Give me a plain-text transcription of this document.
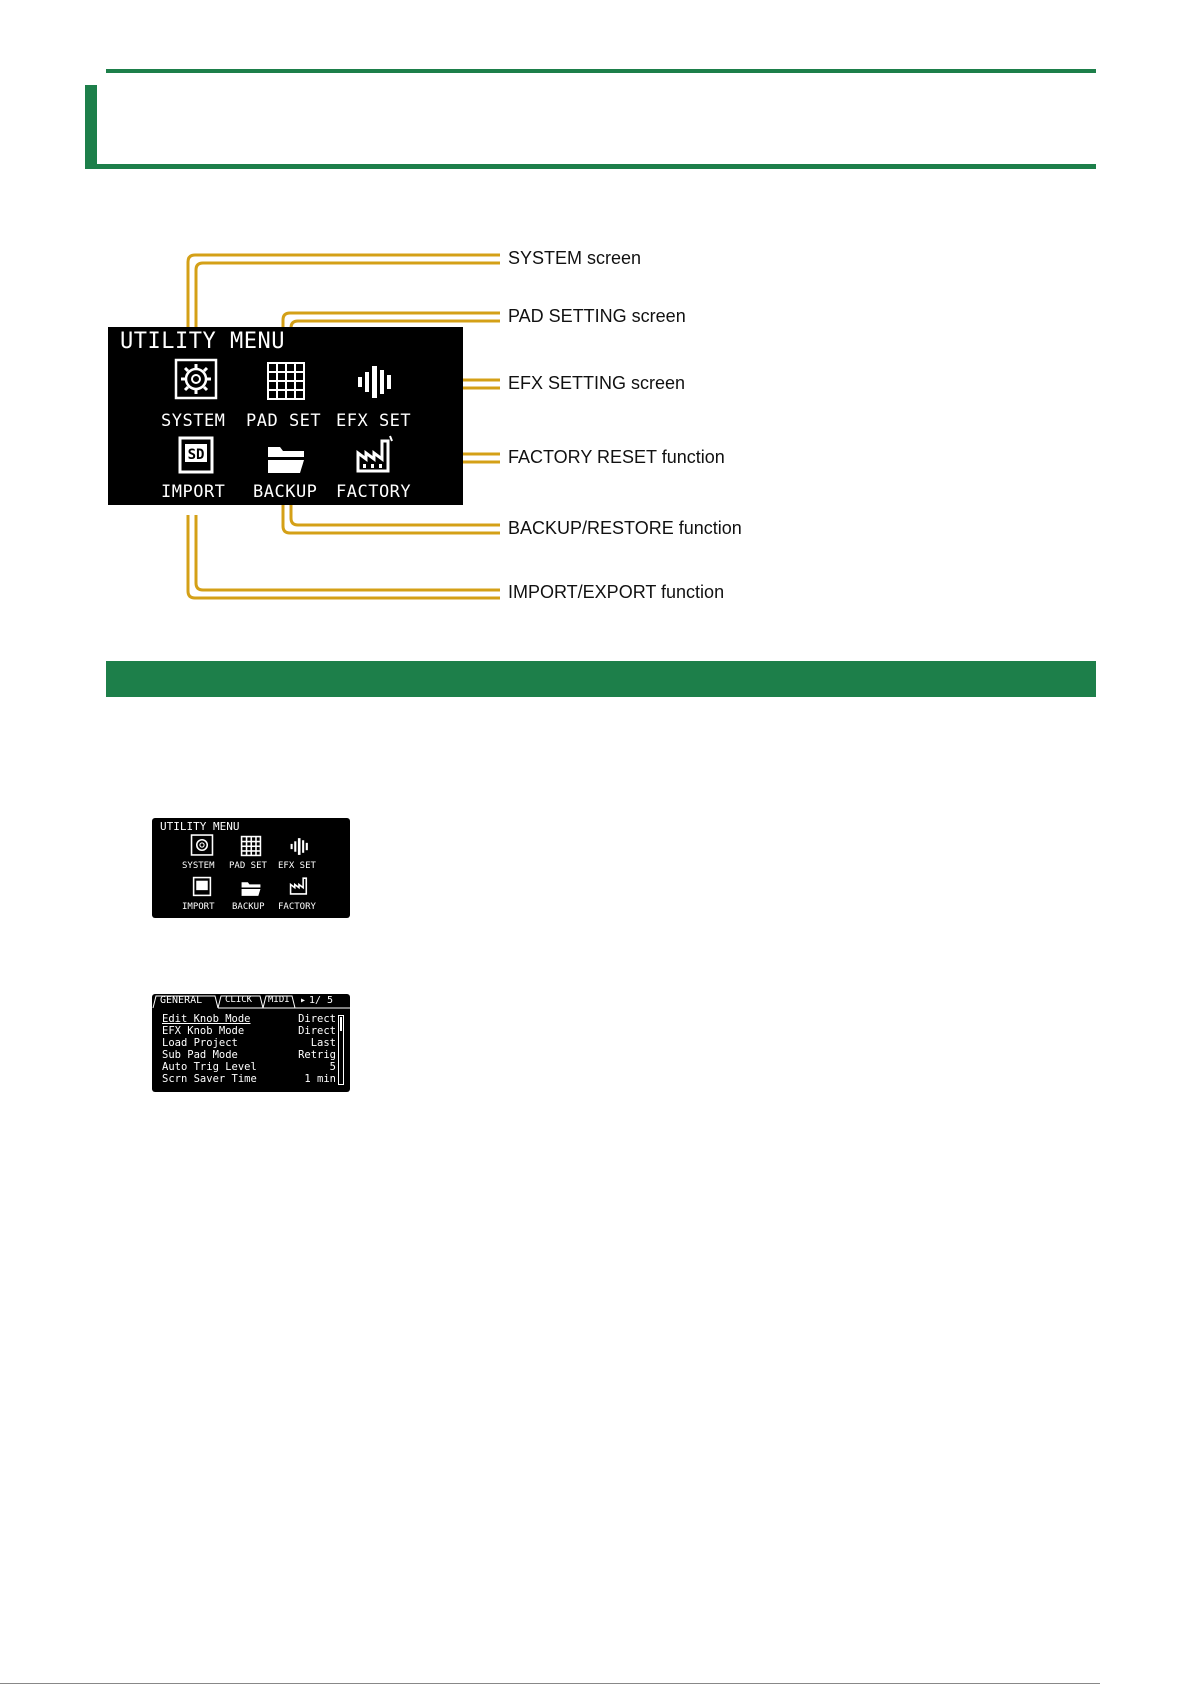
UTILITY MENU
SYSTEM PAD SET EFX SET
SD
IMPORT BACKUP FACTORY
SYSTEM screen
PAD SETTING screen
EFX SETTING screen
FACTORY RESET function
BACKUP/RESTORE function
IMPORT/EXPORT function
UTILITY MENU
SYSTEM PAD SET EFX SET
IMPORT BACKUP FACTORY
GENERAL	CLICK MIDI ▸ 1/ 5
Edit Knob Mode	Direct
EFX Knob Mode	Direct
Load Project	Last
Sub Pad Mode	Retrig
Auto Trig Level	5
Scrn Saver Time	1 min
